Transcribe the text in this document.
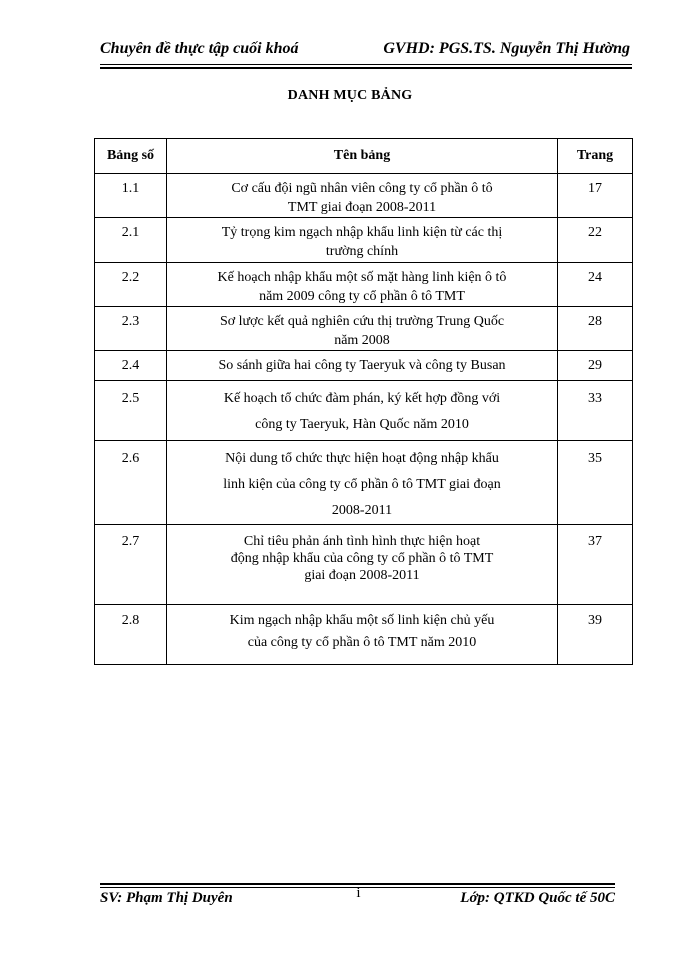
Chuyên đề thực tập cuối khoá	GVHD: PGS.TS. Nguyễn Thị Hường
DANH MỤC BẢNG
Bảng số	Tên bảng	Trang

1.1	Cơ cấu đội ngũ nhân viên công ty cổ phần ô tô
TMT giai đoạn 2008-2011	17

2.1	Tỷ trọng kim ngạch nhập khẩu linh kiện từ các thị
trường chính	22

2.2	Kế hoạch nhập khẩu một số mặt hàng linh kiện ô tô
năm 2009 công ty cổ phần ô tô TMT	24

2.3	Sơ lược kết quả nghiên cứu thị trường Trung Quốc
năm 2008	28

2.4	So sánh giữa hai công ty Taeryuk và công ty Busan	29

2.5	Kế hoạch tổ chức đàm phán, ký kết hợp đồng với
công ty Taeryuk, Hàn Quốc năm 2010	33

2.6	Nội dung tổ chức thực hiện hoạt động nhập khẩu
linh kiện của công ty cổ phần ô tô TMT giai đoạn
2008-2011	35

2.7	Chỉ tiêu phản ánh tình hình thực hiện hoạt
động nhập khẩu của công ty cổ phần ô tô TMT
giai đoạn 2008-2011	37

2.8	Kim ngạch nhập khẩu một số linh kiện chủ yếu
của công ty cổ phần ô tô TMT năm 2010	39
SV: Phạm Thị Duyên	i	Lớp: QTKD Quốc tế 50C
